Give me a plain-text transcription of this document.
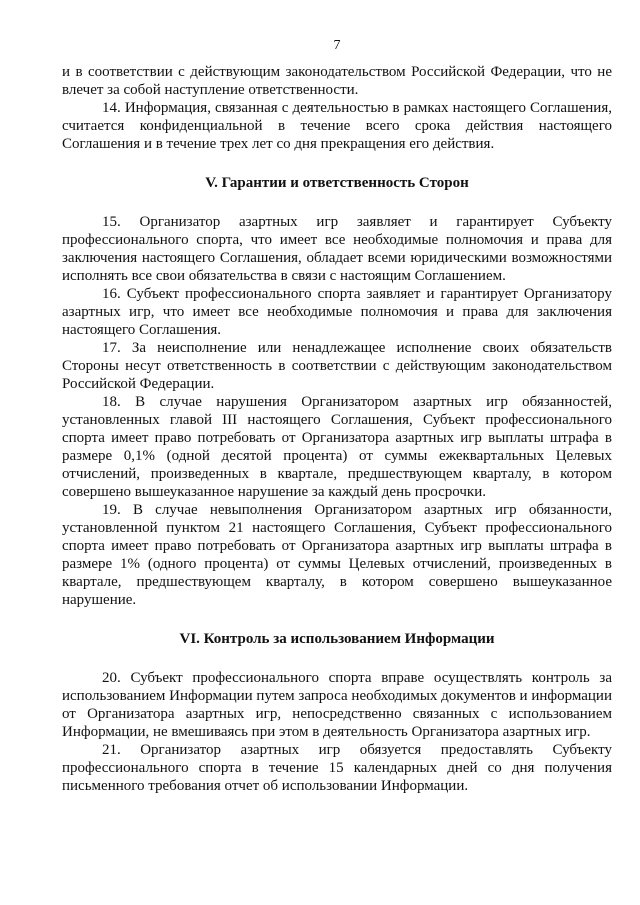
7

и в соответствии с действующим законодательством Российской Федерации, что не влечет за собой наступление ответственности.

14. Информация, связанная с деятельностью в рамках настоящего Соглашения, считается конфиденциальной в течение всего срока действия настоящего Соглашения и в течение трех лет со дня прекращения его действия.

V. Гарантии и ответственность Сторон

15. Организатор азартных игр заявляет и гарантирует Субъекту профессионального спорта, что имеет все необходимые полномочия и права для заключения настоящего Соглашения, обладает всеми юридическими возможностями исполнять все свои обязательства в связи с настоящим Соглашением.

16. Субъект профессионального спорта заявляет и гарантирует Организатору азартных игр, что имеет все необходимые полномочия и права для заключения настоящего Соглашения.

17. За неисполнение или ненадлежащее исполнение своих обязательств Стороны несут ответственность в соответствии с действующим законодательством Российской Федерации.

18. В случае нарушения Организатором азартных игр обязанностей, установленных главой III настоящего Соглашения, Субъект профессионального спорта имеет право потребовать от Организатора азартных игр выплаты штрафа в размере 0,1% (одной десятой процента) от суммы ежеквартальных Целевых отчислений, произведенных в квартале, предшествующем кварталу, в котором совершено вышеуказанное нарушение за каждый день просрочки.

19. В случае невыполнения Организатором азартных игр обязанности, установленной пунктом 21 настоящего Соглашения, Субъект профессионального спорта имеет право потребовать от Организатора азартных игр выплаты штрафа в размере 1% (одного процента) от суммы Целевых отчислений, произведенных в квартале, предшествующем кварталу, в котором совершено вышеуказанное нарушение.

VI. Контроль за использованием Информации

20. Субъект профессионального спорта вправе осуществлять контроль за использованием Информации путем запроса необходимых документов и информации от Организатора азартных игр, непосредственно связанных с использованием Информации, не вмешиваясь при этом в деятельность Организатора азартных игр.

21. Организатор азартных игр обязуется предоставлять Субъекту профессионального спорта в течение 15 календарных дней со дня получения письменного требования отчет об использовании Информации.
